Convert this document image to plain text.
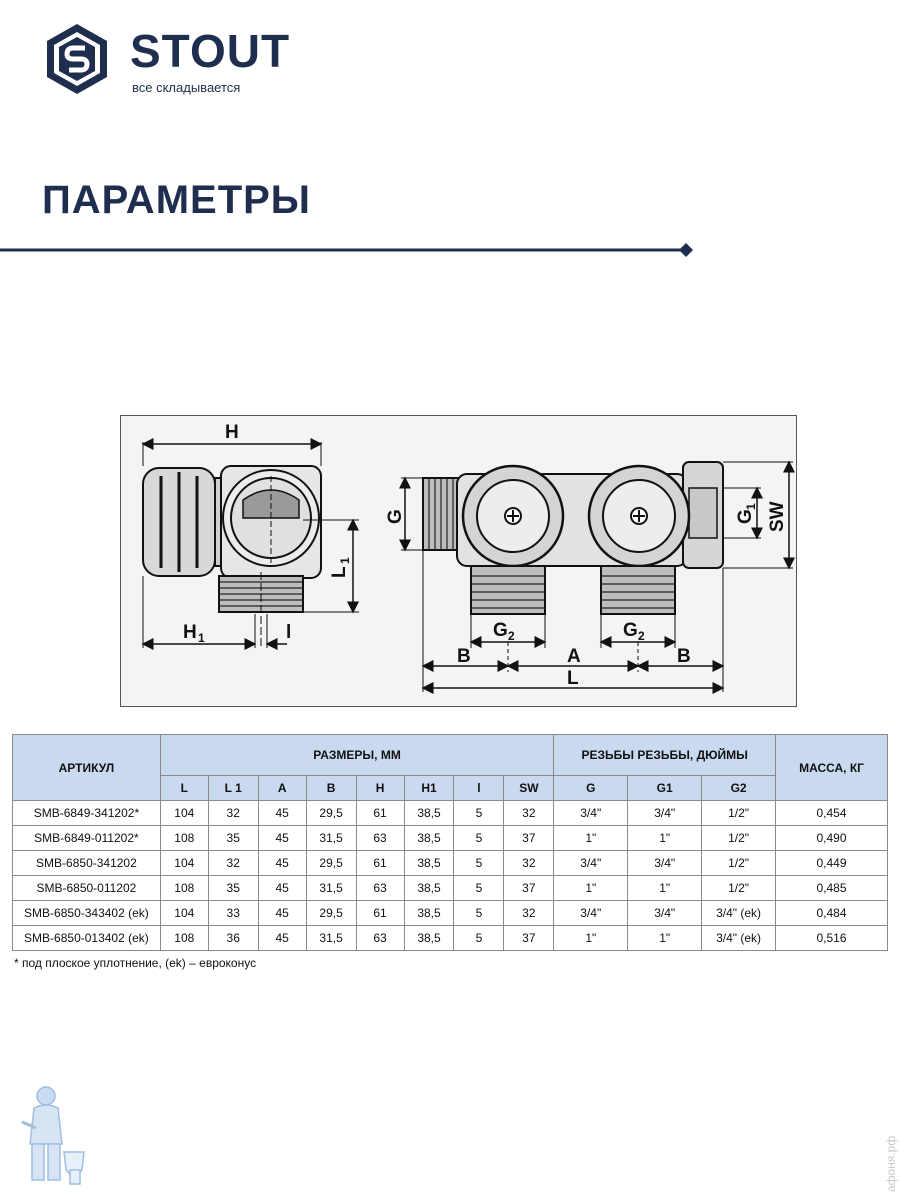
STOUT
все складывается
ПАРАМЕТРЫ
H
L
1
H 1	l
G	G
1 SW
G 2	G 2
B	A	B
L
АРТИКУЛ	РАЗМЕРЫ, ММ								РЕЗЬБЫ РЕЗЬБЫ, ДЮЙМЫ			МАССА, КГ
	L	L 1	A	B	H	H1	l	SW	G	G1	G2	
SMB-6849-341202*	104	32	45	29,5	61	38,5	5	32	3/4"	3/4"	1/2"	0,454
SMB-6849-011202*	108	35	45	31,5	63	38,5	5	37	1"	1"	1/2"	0,490
SMB-6850-341202	104	32	45	29,5	61	38,5	5	32	3/4"	3/4"	1/2"	0,449
SMB-6850-011202	108	35	45	31,5	63	38,5	5	37	1"	1"	1/2"	0,485
SMB-6850-343402 (ek)	104	33	45	29,5	61	38,5	5	32	3/4"	3/4"	3/4" (ek)	0,484
SMB-6850-013402 (ek)	108	36	45	31,5	63	38,5	5	37	1"	1"	3/4" (ek)	0,516
* под плоское уплотнение, (ek) – евроконус
афоня.рф
